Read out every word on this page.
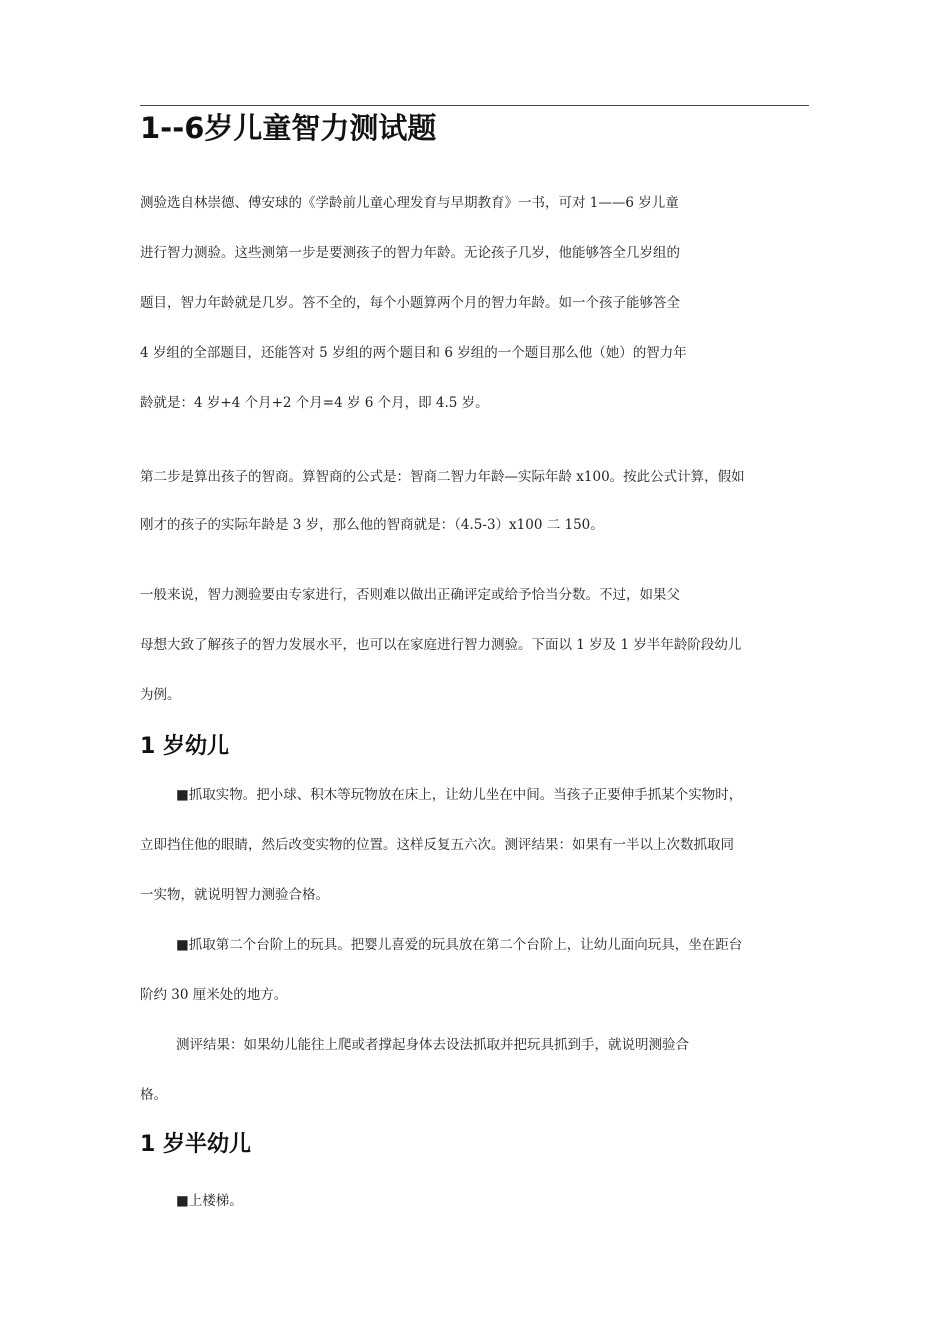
1--6岁儿童智力测试题

测验选自林崇德、傅安球的《学龄前儿童心理发育与早期教育》一书，可对 1——6 岁儿童

进行智力测验。这些测第一步是要测孩子的智力年龄。无论孩子几岁，他能够答全几岁组的

题目，智力年龄就是几岁。答不全的，每个小题算两个月的智力年龄。如一个孩子能够答全

4 岁组的全部题目，还能答对 5 岁组的两个题目和 6 岁组的一个题目那么他（她）的智力年

龄就是：4 岁+4 个月+2 个月=4 岁 6 个月，即 4.5 岁。

第二步是算出孩子的智商。算智商的公式是：智商二智力年龄—实际年龄 x100。按此公式计算，假如

刚才的孩子的实际年龄是 3 岁，那么他的智商就是：（4.5-3）x100 二 150。

一般来说，智力测验要由专家进行，否则难以做出正确评定或给予恰当分数。不过，如果父

母想大致了解孩子的智力发展水平，也可以在家庭进行智力测验。下面以 1 岁及 1 岁半年龄阶段幼儿

为例。

1 岁幼儿

■抓取实物。把小球、积木等玩物放在床上，让幼儿坐在中间。当孩子正要伸手抓某个实物时，

立即挡住他的眼睛，然后改变实物的位置。这样反复五六次。测评结果：如果有一半以上次数抓取同

一实物，就说明智力测验合格。

■抓取第二个台阶上的玩具。把婴儿喜爱的玩具放在第二个台阶上，让幼儿面向玩具，坐在距台

阶约 30 厘米处的地方。

测评结果：如果幼儿能往上爬或者撑起身体去设法抓取并把玩具抓到手，就说明测验合

格。

1 岁半幼儿

■上楼梯。
